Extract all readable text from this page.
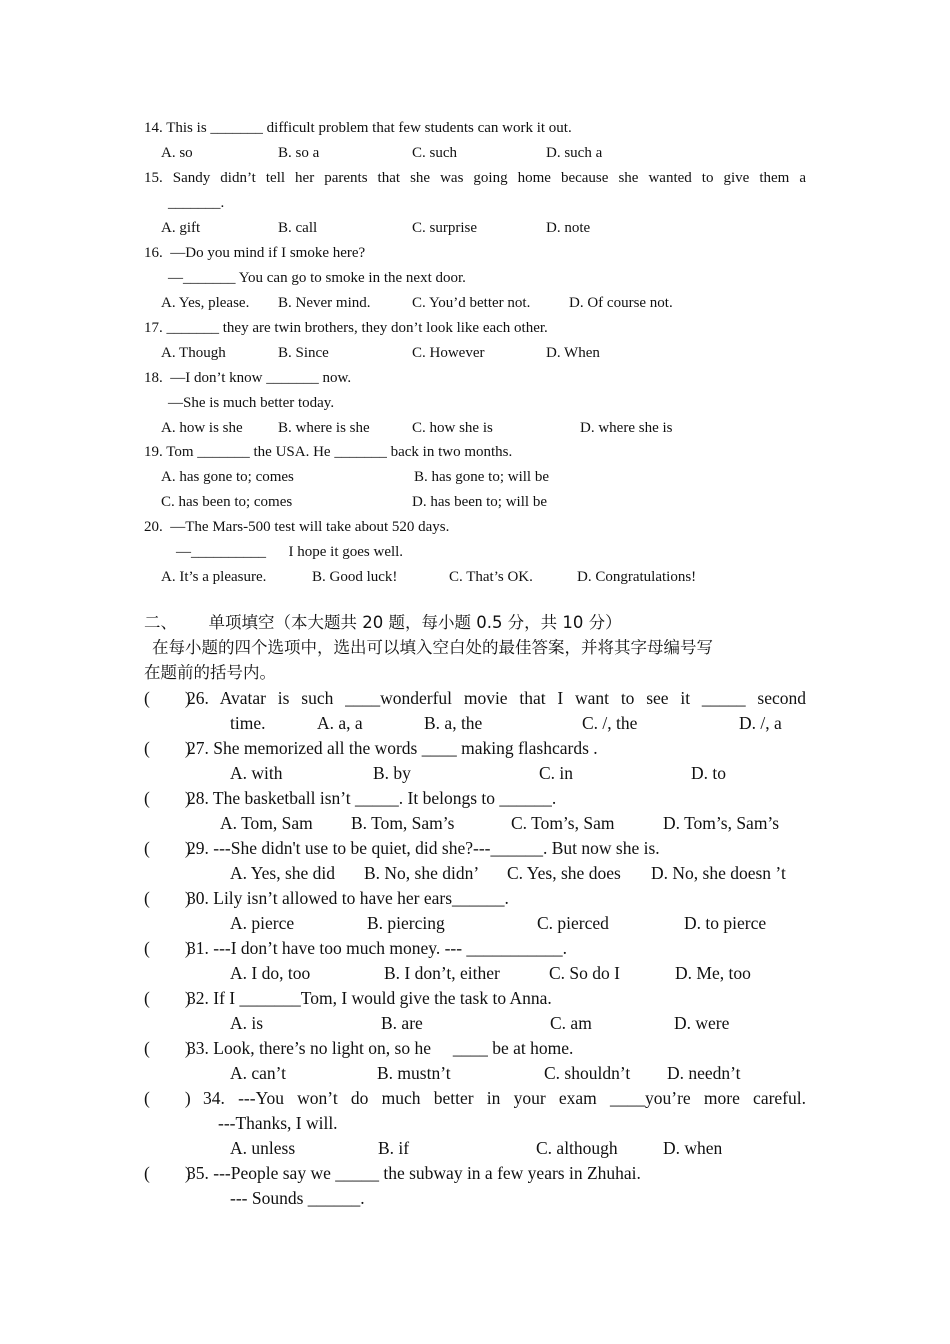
14. This is _______ difficult problem that few students can work it out.
A. so	B. so a	C. such	D. such a
15. Sandy didn’t tell her parents that she was going home because she wanted to give them a
_______.
A. gift	B. call	C. surprise	D. note
16.  —Do you mind if I smoke here?
—_______ You can go to smoke in the next door.
A. Yes, please. B. Never mind.	C. You’d better not.	D. Of course not.
17. _______ they are twin brothers, they don’t look like each other.
A. Though	B. Since	C. However	D. When
18.  —I don’t know _______ now.
—She is much better today.
A. how is she B. where is she	C. how she is	D. where she is
19. Tom _______ the USA. He _______ back in two months.
A. has gone to; comes	B. has gone to; will be
C. has been to; comes	D. has been to; will be
20.  —The Mars-500 test will take about 520 days.
—__________      I hope it goes well.
A. It’s a pleasure.	B. Good luck!	C. That’s OK.	D. Congratulations!
二、      单项填空（本大题共 20 题，每小题 0.5 分，共 10 分）
在每小题的四个选项中，选出可以填入空白处的最佳答案，并将其字母编号写
在题前的括号内。
(        )
26. Avatar is such ____wonderful movie that I want to see it _____ second
time.	A. a, a	B. a, the	C. /, the	D. /, a
(        )
27. She memorized all the words ____ making flashcards .
A. with	B. by	C. in	D. to
(        )
28. The basketball isn’t _____. It belongs to ______.
A. Tom, Sam B. Tom, Sam’s	C. Tom’s, Sam	D. Tom’s, Sam’s
(        )
29. ---She didn't use to be quiet, did she?---______. But now she is.
A. Yes, she did B. No, she didn’ C. Yes, she does D. No, she doesn ’t
(        )
30. Lily isn’t allowed to have her ears______.
A. pierce	B. piercing	C. pierced	D. to pierce
(        )
31. ---I don’t have too much money. --- ___________.
A. I do, too	B. I don’t, either	C. So do I	D. Me, too
(        )
32. If I _______Tom, I would give the task to Anna.
A. is	B. are	C. am	D. were
(        )
33. Look, there’s no light on, so he     ____ be at home.
A. can’t	B. mustn’t	C. shouldn’t D. needn’t
(        ) 34. ---You won’t do much better in your exam ____you’re more careful.
---Thanks, I will.
A. unless	B. if	C. although	D. when
(        )
35. ---People say we _____ the subway in a few years in Zhuhai.
--- Sounds ______.
